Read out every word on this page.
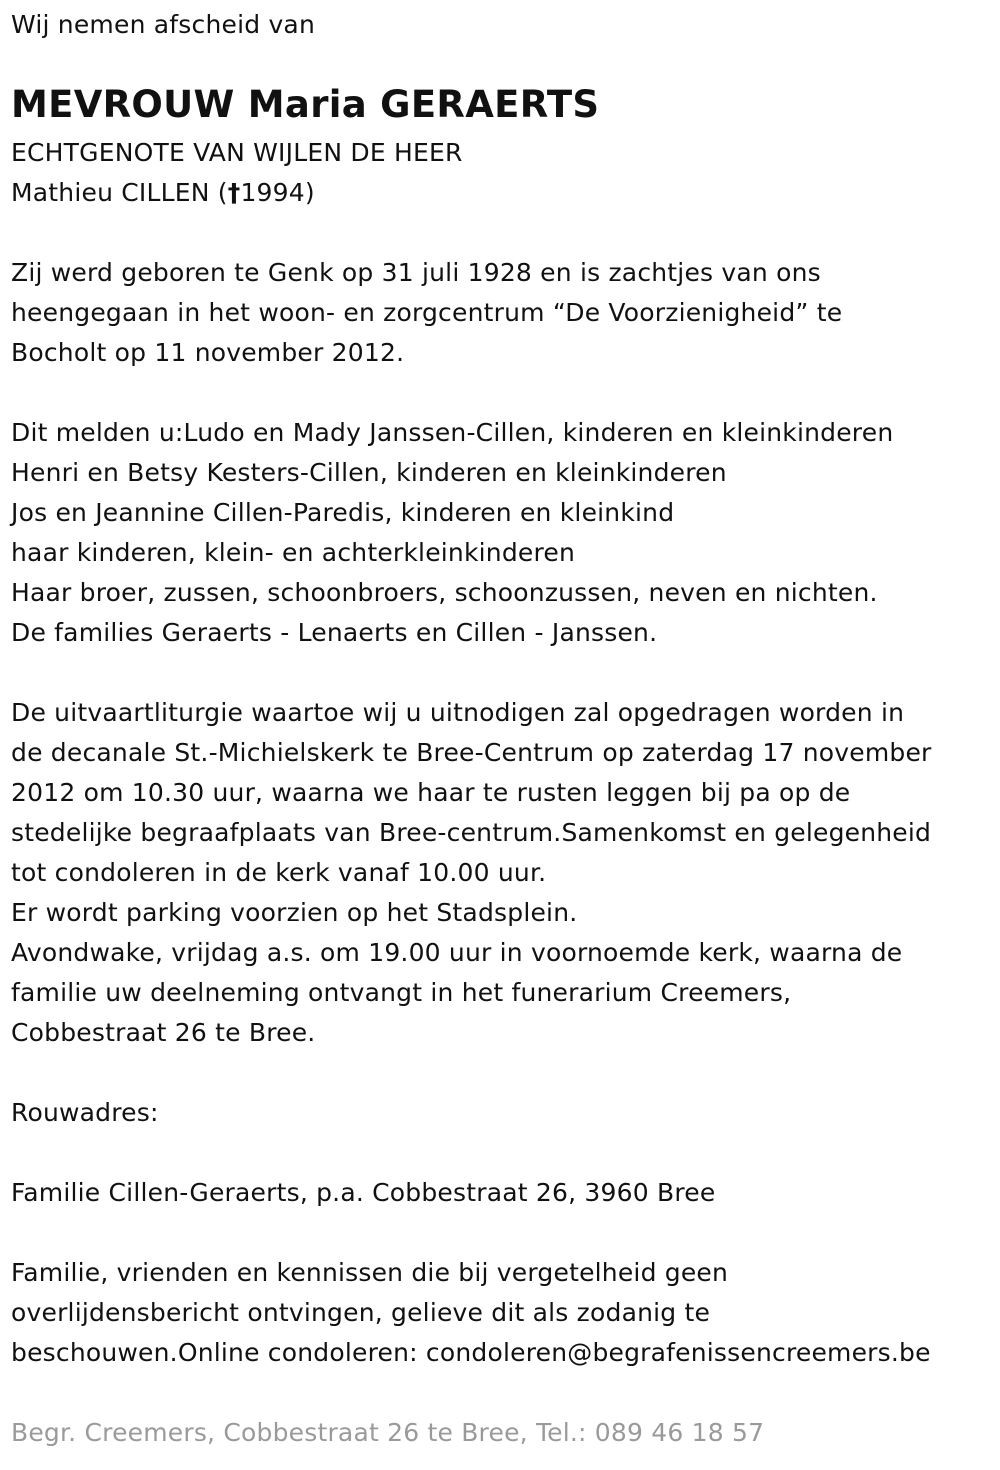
Wij nemen afscheid van
MEVROUW Maria GERAERTS
ECHTGENOTE VAN WIJLEN DE HEER
Mathieu CILLEN (†1994)
Zij werd geboren te Genk op 31 juli 1928 en is zachtjes van ons
heengegaan in het woon- en zorgcentrum “De Voorzienigheid” te
Bocholt op 11 november 2012.
Dit melden u:Ludo en Mady Janssen-Cillen, kinderen en kleinkinderen
Henri en Betsy Kesters-Cillen, kinderen en kleinkinderen
Jos en Jeannine Cillen-Paredis, kinderen en kleinkind
haar kinderen, klein- en achterkleinkinderen
Haar broer, zussen, schoonbroers, schoonzussen, neven en nichten.
De families Geraerts - Lenaerts en Cillen - Janssen.
De uitvaartliturgie waartoe wij u uitnodigen zal opgedragen worden in
de decanale St.-Michielskerk te Bree-Centrum op zaterdag 17 november
2012 om 10.30 uur, waarna we haar te rusten leggen bij pa op de
stedelijke begraafplaats van Bree-centrum.Samenkomst en gelegenheid
tot condoleren in de kerk vanaf 10.00 uur.
Er wordt parking voorzien op het Stadsplein.
Avondwake, vrijdag a.s. om 19.00 uur in voornoemde kerk, waarna de
familie uw deelneming ontvangt in het funerarium Creemers,
Cobbestraat 26 te Bree.
Rouwadres:
Familie Cillen-Geraerts, p.a. Cobbestraat 26, 3960 Bree
Familie, vrienden en kennissen die bij vergetelheid geen
overlijdensbericht ontvingen, gelieve dit als zodanig te
beschouwen.Online condoleren: condoleren@begrafenissencreemers.be
Begr. Creemers, Cobbestraat 26 te Bree, Tel.: 089 46 18 57
